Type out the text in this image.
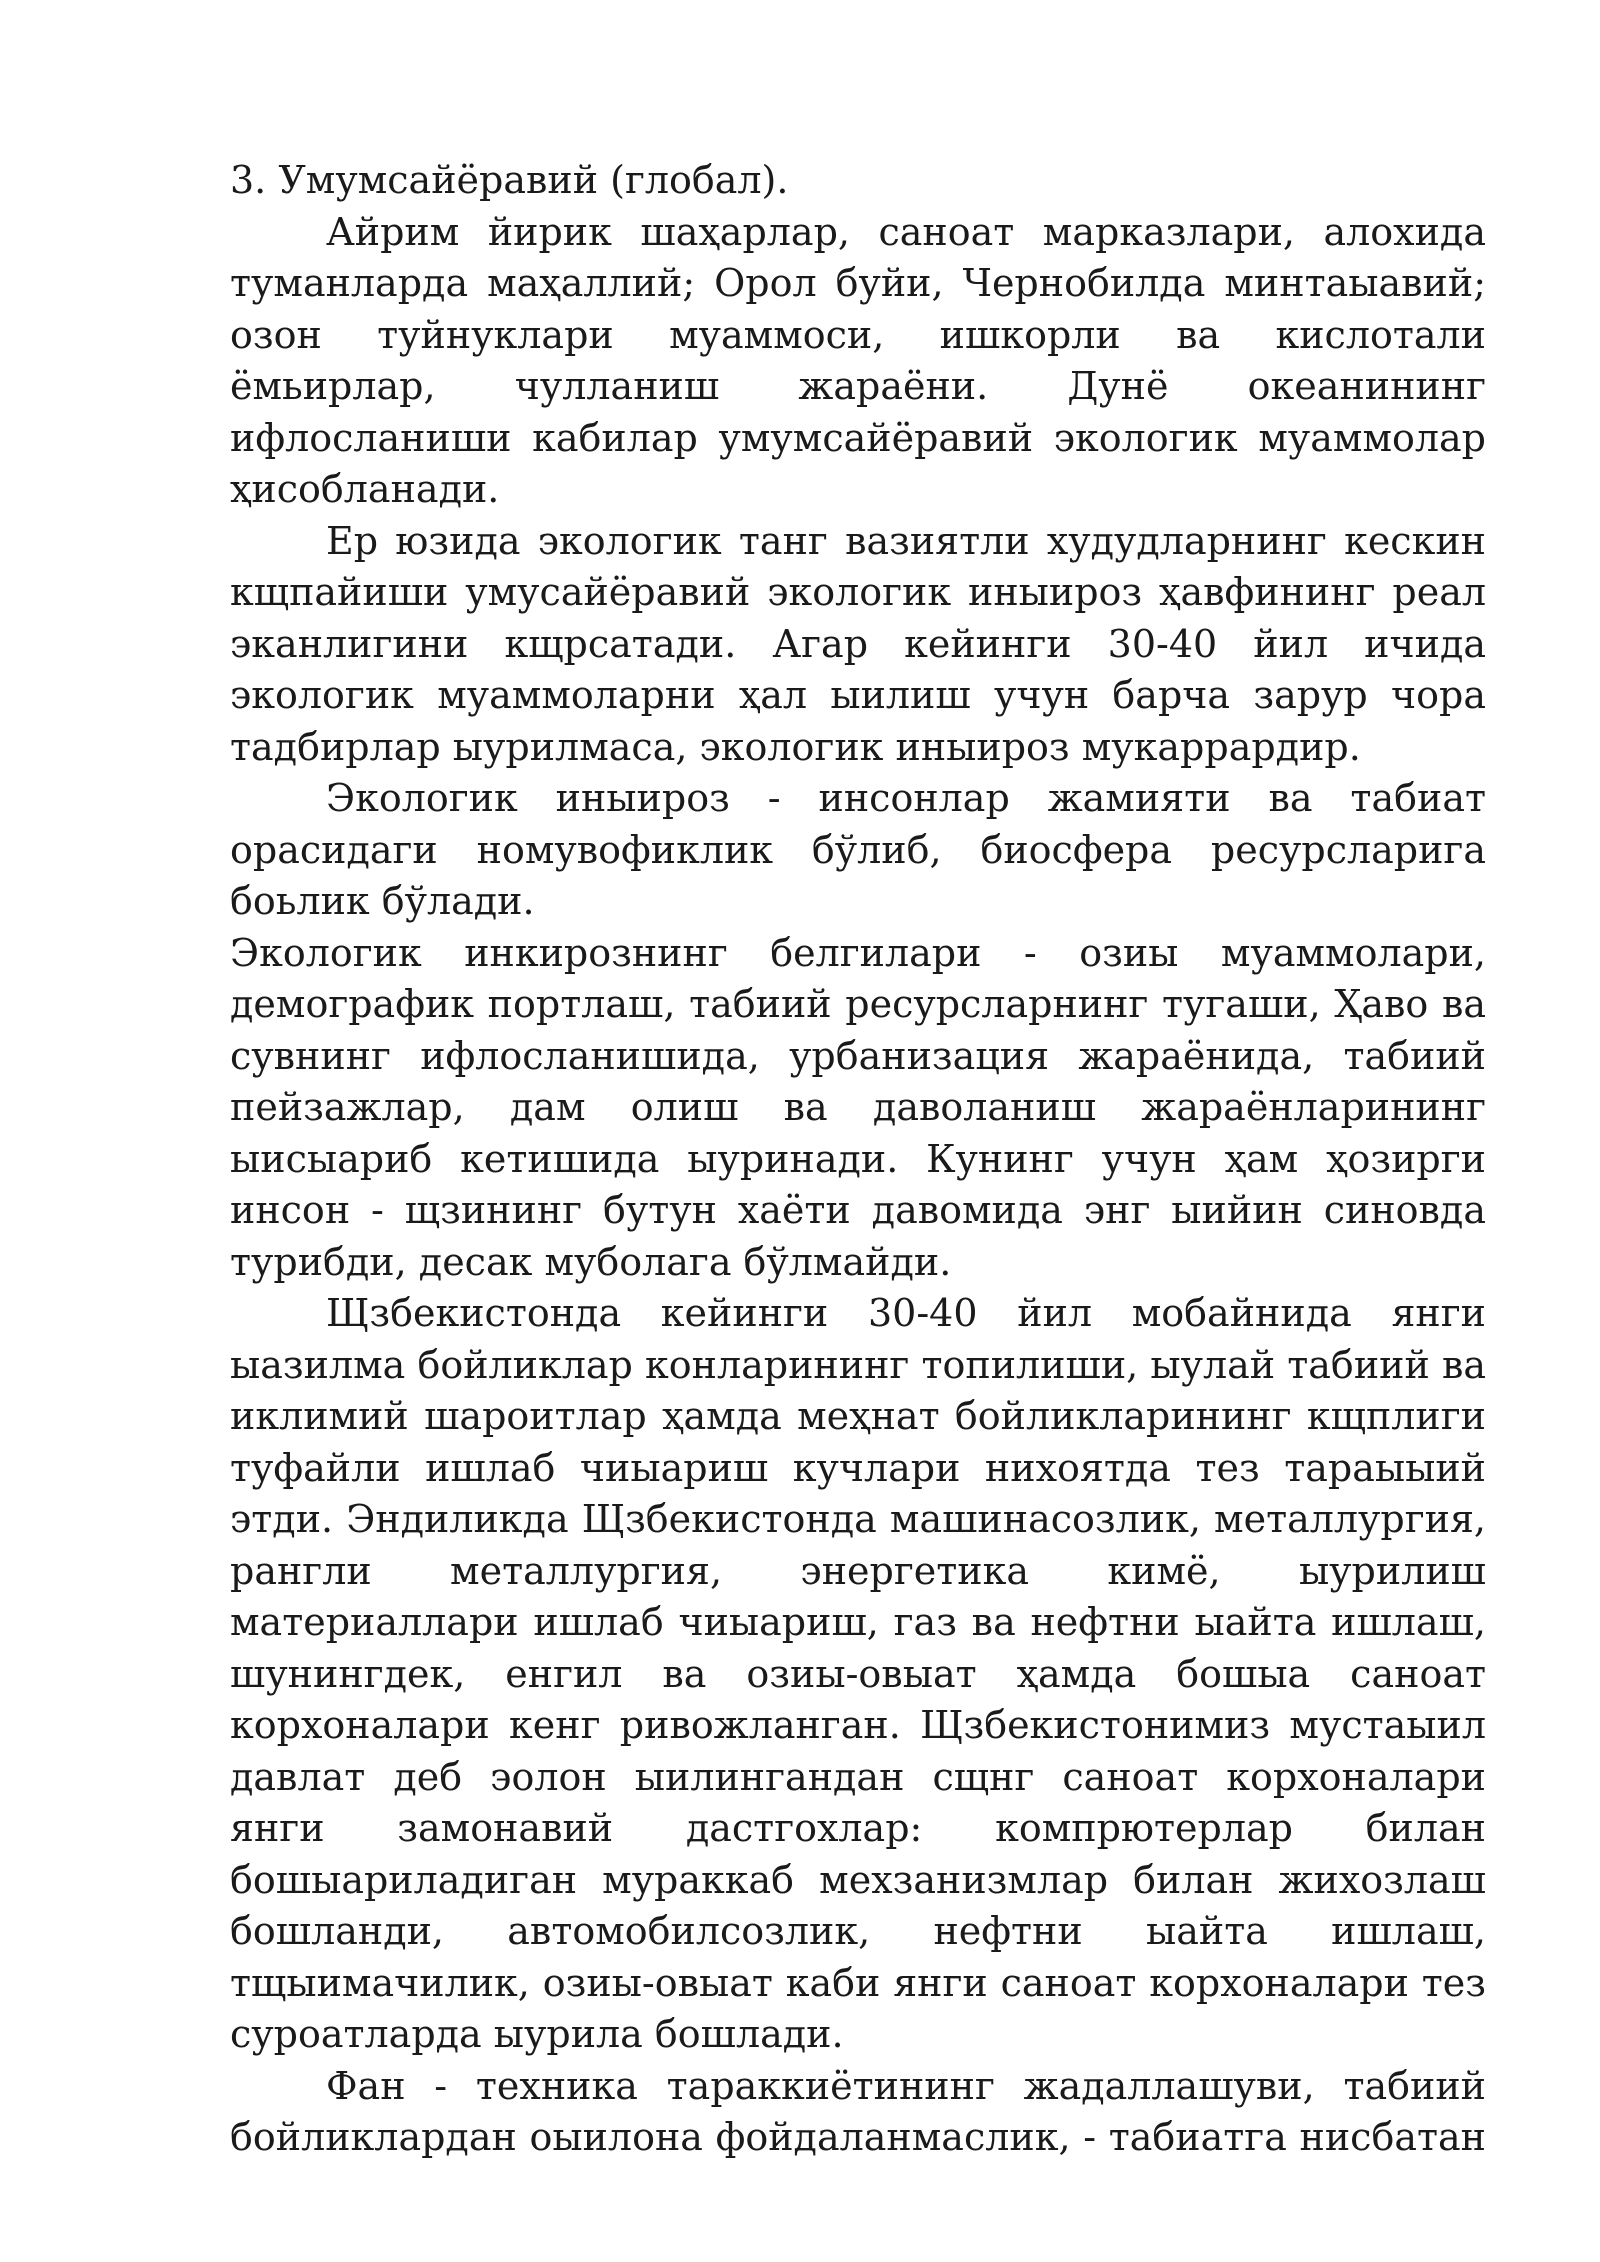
3. Умумсайёравий (глобал).

Айрим йирик шаҳарлар, саноат марказлари, алохида туманларда маҳаллий; Орол буйи, Чернобилда минтаыавий; озон туйнуклари муаммоси, ишкорли ва кислотали ёмьирлар, чулланиш жараёни. Дунё океанининг ифлосланиши кабилар умумсайёравий экологик муаммолар ҳисобланади.

Ер юзида экологик танг вазиятли худудларнинг кескин кщпайиши умусайёравий экологик иныироз ҳавфининг реал эканлигини кщрсатади. Агар кейинги 30-40 йил ичида экологик муаммоларни ҳал ыилиш учун барча зарур чора тадбирлар ыурилмаса, экологик иныироз мукаррардир.

Экологик иныироз - инсонлар жамияти ва табиат орасидаги номувофиклик бўлиб, биосфера ресурсларига боьлик бўлади.

Экологик инкирознинг белгилари - озиы муаммолари, демографик портлаш, табиий ресурсларнинг тугаши, Ҳаво ва сувнинг ифлосланишида, урбанизация жараёнида, табиий пейзажлар, дам олиш ва даволаниш жараёнларининг ыисыариб кетишида ыуринади. Кунинг учун ҳам ҳозирги инсон - щзининг бутун хаёти давомида энг ыийин синовда турибди, десак муболага бўлмайди.

Щзбекистонда кейинги 30-40 йил мобайнида янги ыазилма бойликлар конларининг топилиши, ыулай табиий ва иклимий шароитлар ҳамда меҳнат бойликларининг кщплиги туфайли ишлаб чиыариш кучлари нихоятда тез тараыыий этди. Эндиликда Щзбекистонда машинасозлик, металлургия, рангли металлургия, энергетика кимё, ыурилиш материаллари ишлаб чиыариш, газ ва нефтни ыайта ишлаш, шунингдек, енгил ва озиы-овыат ҳамда бошыа саноат корхоналари кенг ривожланган. Щзбекистонимиз мустаыил давлат деб эолон ыилингандан сщнг саноат корхоналари янги замонавий дастгохлар: компрютерлар билан бошыариладиган мураккаб мехзанизмлар билан жихозлаш бошланди, автомобилсозлик, нефтни ыайта ишлаш, тщыимачилик, озиы-овыат каби янги саноат корхоналари тез суроатларда ыурила бошлади.

Фан - техника тараккиётининг жадаллашуви, табиий бойликлардан оыилона фойдаланмаслик, - табиатга нисбатан
